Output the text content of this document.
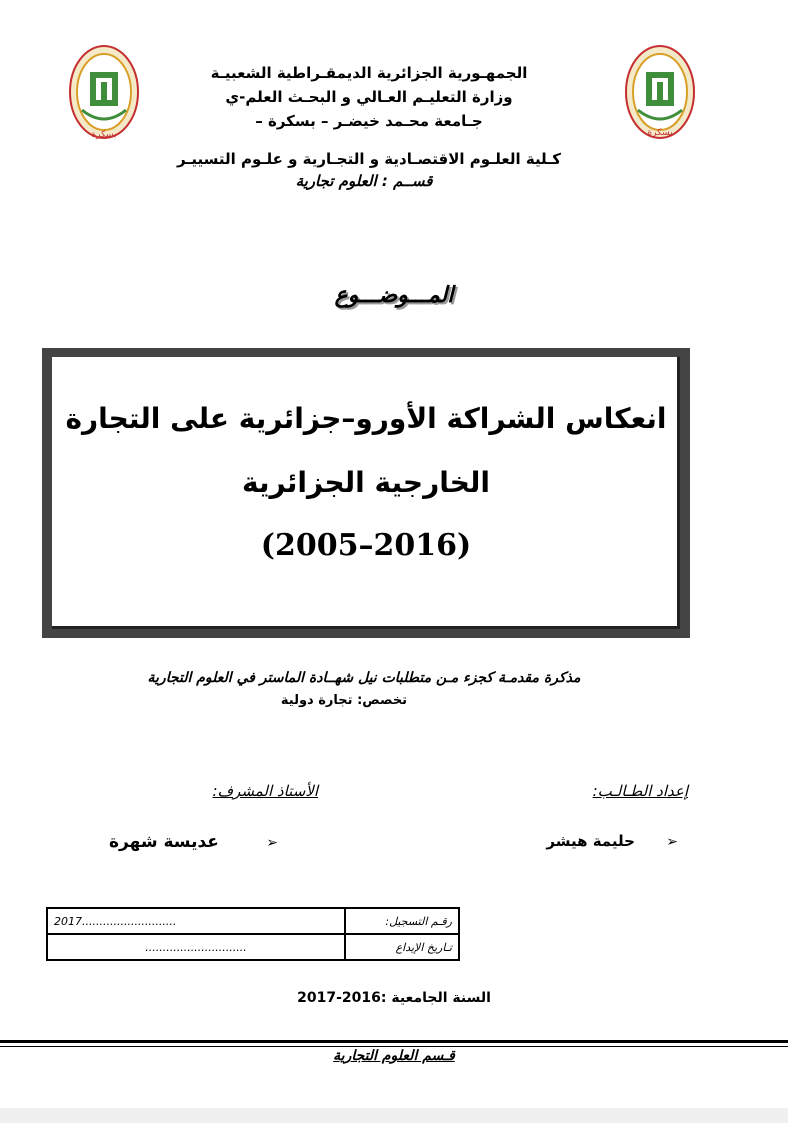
بسكرة	بسكرة
الجمهـورية الجزائرية الديمقـراطية الشعبيـة
وزارة التعليـم العـالي و البحـث العلم-ي
جـامعة محـمد خيضـر – بسكرة –
كـلية العلـوم الاقتصـادية و التجـارية و علـوم التسييـر
قســم : العلوم تجارية
المـــوضـــوع
انعكاس الشراكة الأورو–جزائرية على التجارة
الخارجية الجزائرية
(2005–2016)
مذكرة مقدمـة كجزء مـن متطلبات نيل شهــادة الماستر في العلوم التجارية
تخصص: تجارة دولية
إعداد الطـالـب:
الأستاذ المشرف:
➢      حليمة هيشر
➢        عديسة شهرة
2017...........................	رقـم التسجيل:
.............................	تـاريخ الإيداع
السنة الجامعية :2016-2017
قـسم العلوم التجارية
